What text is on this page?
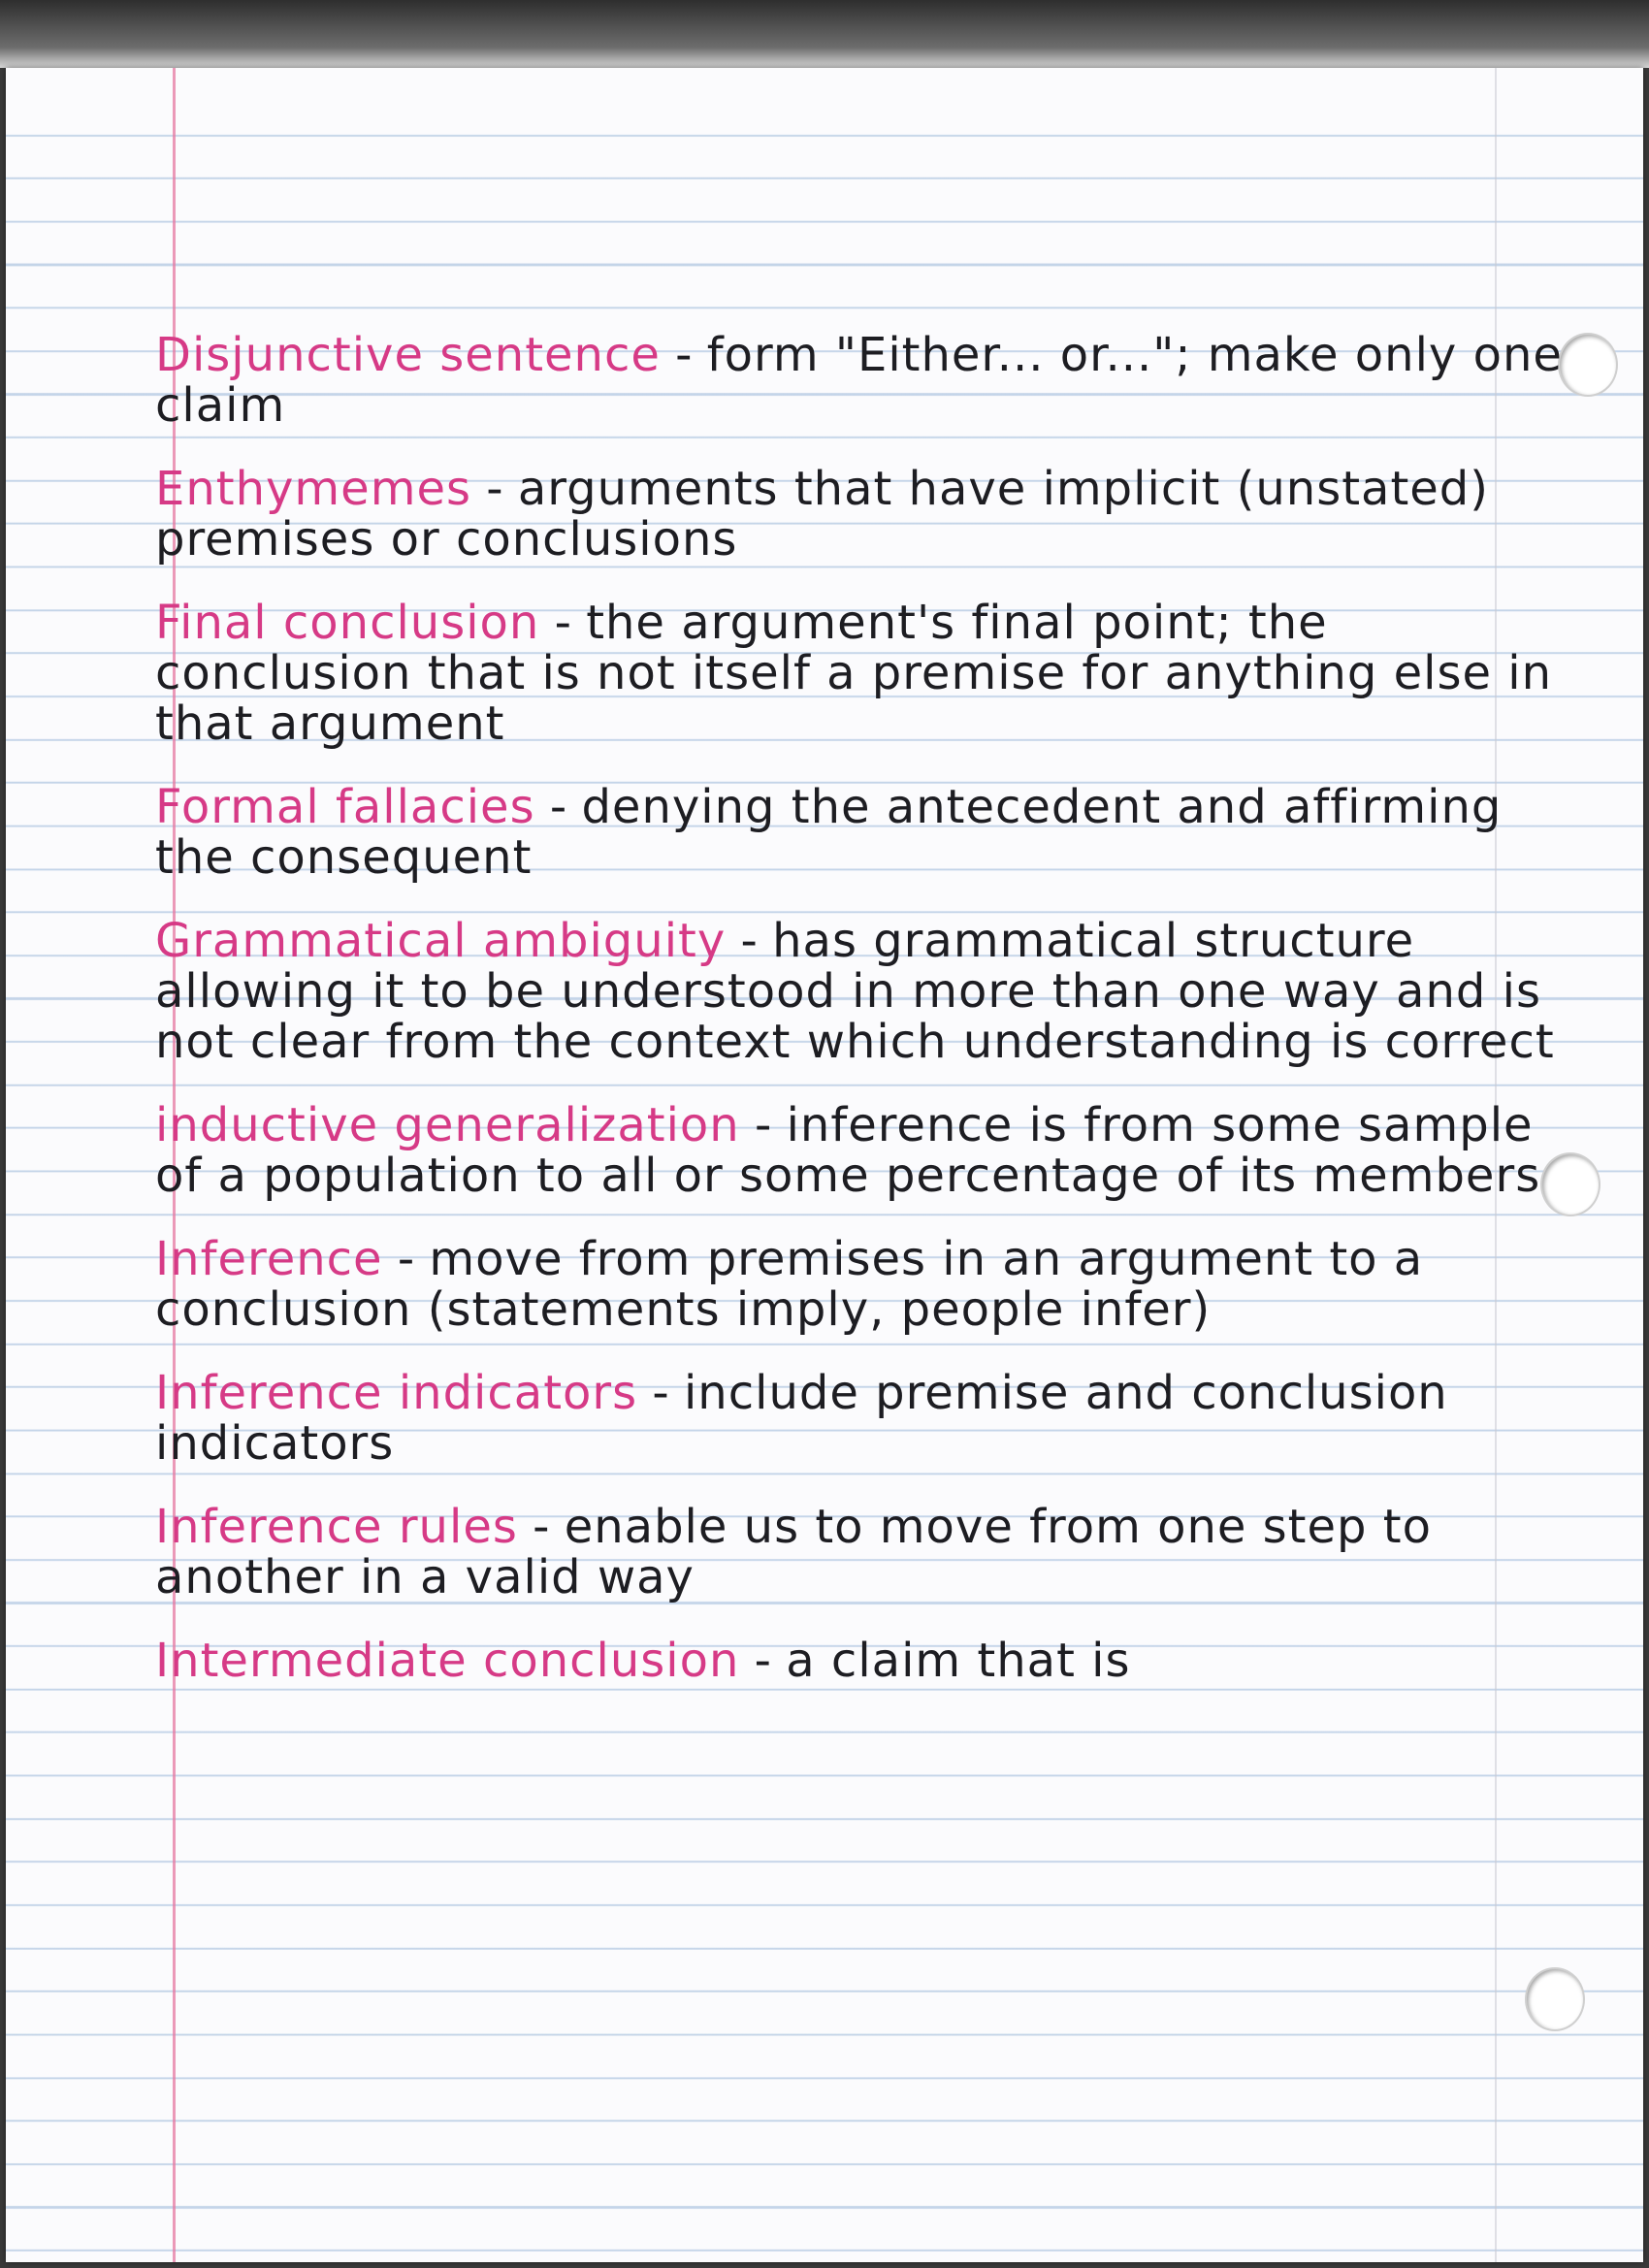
Disjunctive sentence - form "Either... or..."; make only one claim
Enthymemes - arguments that have implicit (unstated) premises or conclusions
Final conclusion - the argument's final point; the conclusion that is not itself a premise for anything else in that argument
Formal fallacies - denying the antecedent and affirming the consequent
Grammatical ambiguity - has grammatical structure allowing it to be understood in more than one way and is not clear from the context which understanding is correct
inductive generalization - inference is from some sample of a population to all or some percentage of its members
Inference - move from premises in an argument to a conclusion (statements imply, people infer)
Inference indicators - include premise and conclusion indicators
Inference rules - enable us to move from one step to another in a valid way
Intermediate conclusion - a claim that is
